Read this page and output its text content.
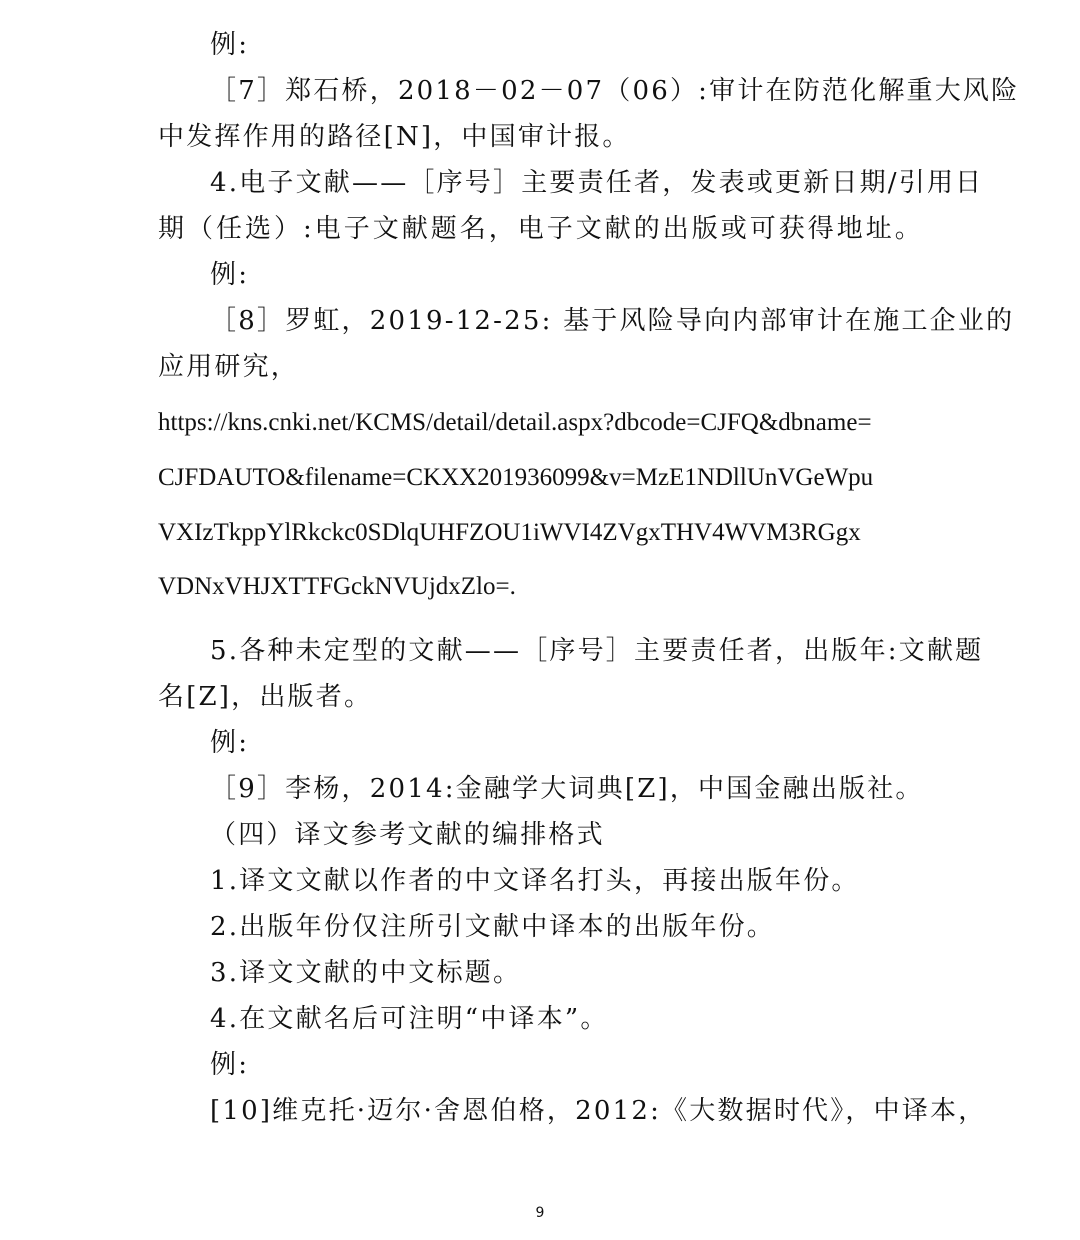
例:
［7］郑石桥，2018－02－07（06）:审计在防范化解重大风险
中发挥作用的路径[N]，中国审计报。
4.电子文献——［序号］主要责任者，发表或更新日期/引用日
期（任选）:电子文献题名，电子文献的出版或可获得地址。
例:
［8］罗虹，2019-12-25: 基于风险导向内部审计在施工企业的
应用研究，
https://kns.cnki.net/KCMS/detail/detail.aspx?dbcode=CJFQ&dbname=
CJFDAUTO&filename=CKXX201936099&v=MzE1NDllUnVGeWpu
VXIzTkppYlRkckc0SDlqUHFZOU1iWVI4ZVgxTHV4WVM3RGgx
VDNxVHJXTTFGckNVUjdxZlo=.
5.各种未定型的文献——［序号］主要责任者，出版年:文献题
名[Z]，出版者。
例:
［9］李杨，2014:金融学大词典[Z]，中国金融出版社。
（四）译文参考文献的编排格式
1.译文文献以作者的中文译名打头，再接出版年份。
2.出版年份仅注所引文献中译本的出版年份。
3.译文文献的中文标题。
4.在文献名后可注明“中译本”。
例:
[10]维克托·迈尔·舍恩伯格，2012:《大数据时代》，中译本，
9
